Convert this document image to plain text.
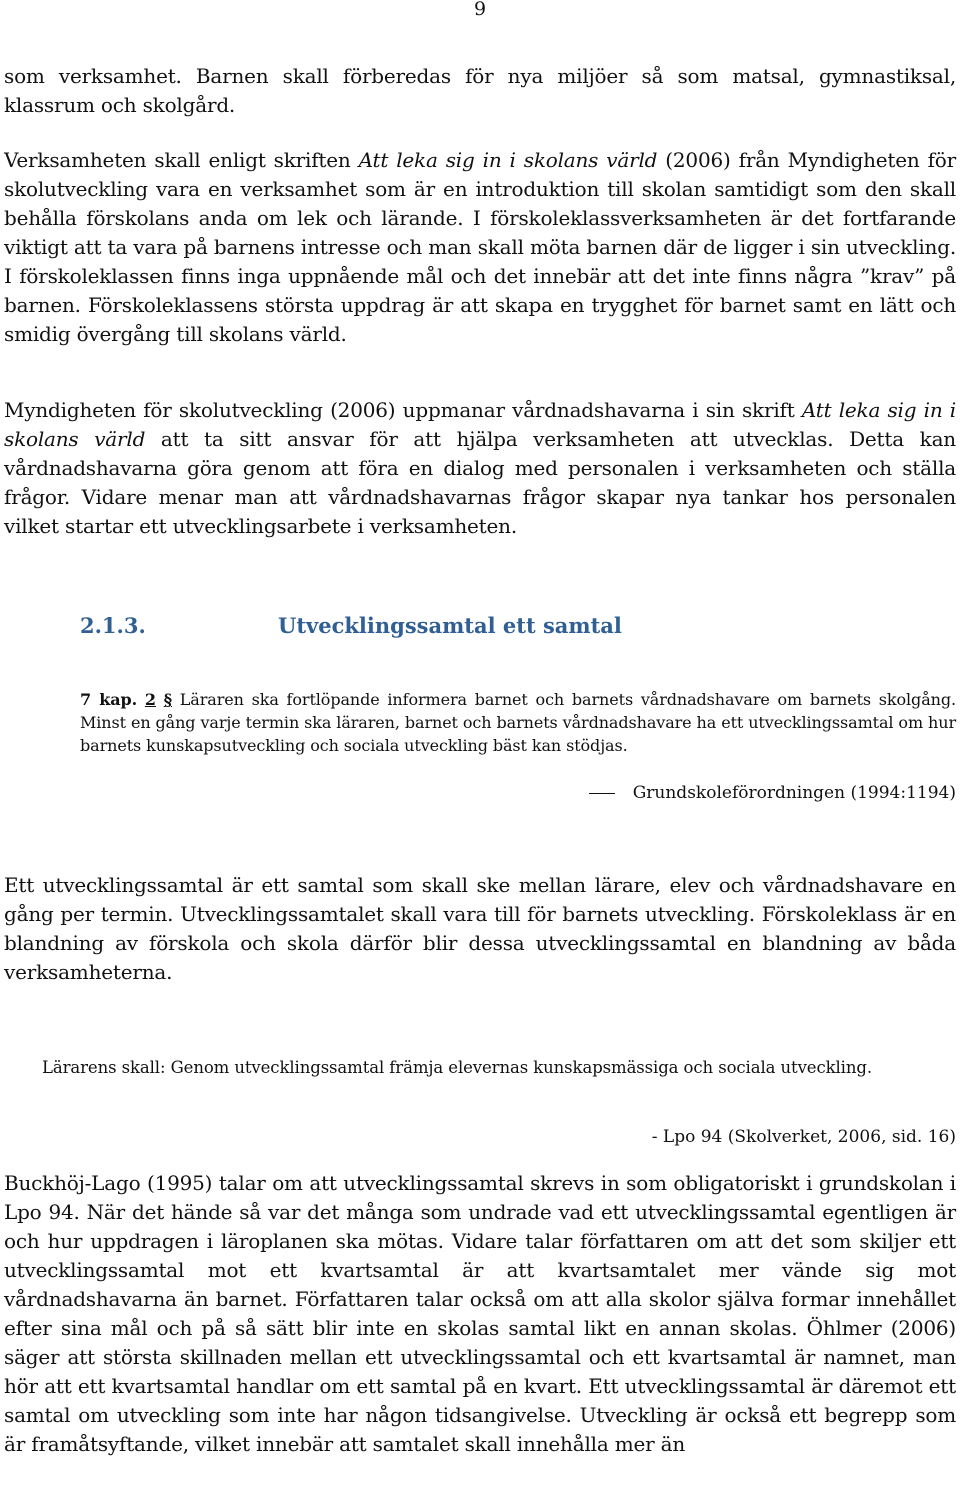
9

som verksamhet. Barnen skall förberedas för nya miljöer så som matsal, gymnastiksal, klassrum och skolgård.

Verksamheten skall enligt skriften Att leka sig in i skolans värld (2006) från Myndigheten för skolutveckling vara en verksamhet som är en introduktion till skolan samtidigt som den skall behålla förskolans anda om lek och lärande. I förskoleklassverksamheten är det fortfarande viktigt att ta vara på barnens intresse och man skall möta barnen där de ligger i sin utveckling. I förskoleklassen finns inga uppnående mål och det innebär att det inte finns några ”krav” på barnen. Förskoleklassens största uppdrag är att skapa en trygghet för barnet samt en lätt och smidig övergång till skolans värld.

Myndigheten för skolutveckling (2006) uppmanar vårdnadshavarna i sin skrift Att leka sig in i skolans värld att ta sitt ansvar för att hjälpa verksamheten att utvecklas. Detta kan vårdnadshavarna göra genom att föra en dialog med personalen i verksamheten och ställa frågor. Vidare menar man att vårdnadshavarnas frågor skapar nya tankar hos personalen vilket startar ett utvecklingsarbete i verksamheten.

2.1.3.	Utvecklingssamtal ett samtal
7 kap. 2 § Läraren ska fortlöpande informera barnet och barnets vårdnadshavare om barnets skolgång. Minst en gång varje termin ska läraren, barnet och barnets vårdnadshavare ha ett utvecklingssamtal om hur barnets kunskapsutveckling och sociala utveckling bäst kan stödjas.
Grundskoleförordningen (1994:1194)

Ett utvecklingssamtal är ett samtal som skall ske mellan lärare, elev och vårdnadshavare en gång per termin. Utvecklingssamtalet skall vara till för barnets utveckling. Förskoleklass är en blandning av förskola och skola därför blir dessa utvecklingssamtal en blandning av båda verksamheterna.

Lärarens skall: Genom utvecklingssamtal främja elevernas kunskapsmässiga och sociala utveckling.
- Lpo 94 (Skolverket, 2006, sid. 16)

Buckhöj-Lago (1995) talar om att utvecklingssamtal skrevs in som obligatoriskt i grundskolan i Lpo 94. När det hände så var det många som undrade vad ett utvecklingssamtal egentligen är och hur uppdragen i läroplanen ska mötas. Vidare talar författaren om att det som skiljer ett utvecklingssamtal mot ett kvartsamtal är att kvartsamtalet mer vände sig mot vårdnadshavarna än barnet. Författaren talar också om att alla skolor själva formar innehållet efter sina mål och på så sätt blir inte en skolas samtal likt en annan skolas. Öhlmer (2006) säger att största skillnaden mellan ett utvecklingssamtal och ett kvartsamtal är namnet, man hör att ett kvartsamtal handlar om ett samtal på en kvart. Ett utvecklingssamtal är däremot ett samtal om utveckling som inte har någon tidsangivelse. Utveckling är också ett begrepp som är framåtsyftande, vilket innebär att samtalet skall innehålla mer än
